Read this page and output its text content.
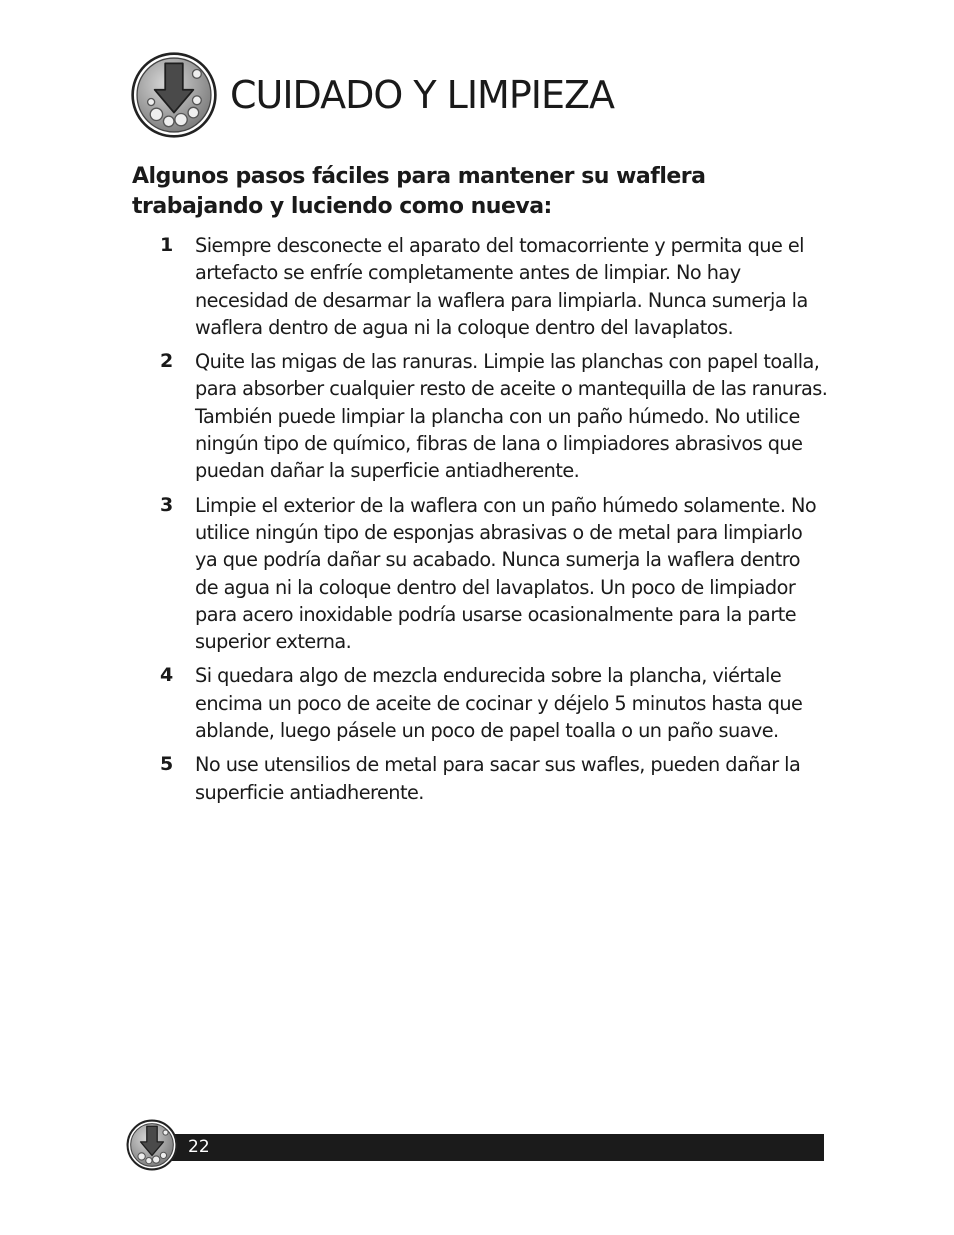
CUIDADO Y LIMPIEZA
Algunos pasos fáciles para mantener su waflera trabajando y luciendo como nueva:
1	Siempre desconecte el aparato del tomacorriente y permita que el artefacto se enfríe completamente antes de limpiar. No hay necesidad de desarmar la waflera para limpiarla. Nunca sumerja la waflera dentro de agua ni la coloque dentro del lavaplatos.
2	Quite las migas de las ranuras. Limpie las planchas con papel toalla, para absorber cualquier resto de aceite o mantequilla de las ranuras. También puede limpiar la plancha con un paño húmedo. No utilice ningún tipo de químico, fibras de lana o limpiadores abrasivos que puedan dañar la superficie antiadherente.
3	Limpie el exterior de la waflera con un paño húmedo solamente. No utilice ningún tipo de esponjas abrasivas o de metal para limpiarlo ya que podría dañar su acabado. Nunca sumerja la waflera dentro de agua ni la coloque dentro del lavaplatos. Un poco de limpiador para acero inoxidable podría usarse ocasionalmente para la parte superior externa.
4	Si quedara algo de mezcla endurecida sobre la plancha, viértale encima un poco de aceite de cocinar y déjelo 5 minutos hasta que ablande, luego pásele un poco de papel toalla o un paño suave.
5	No use utensilios de metal para sacar sus wafles, pueden dañar la superficie antiadherente.
22
